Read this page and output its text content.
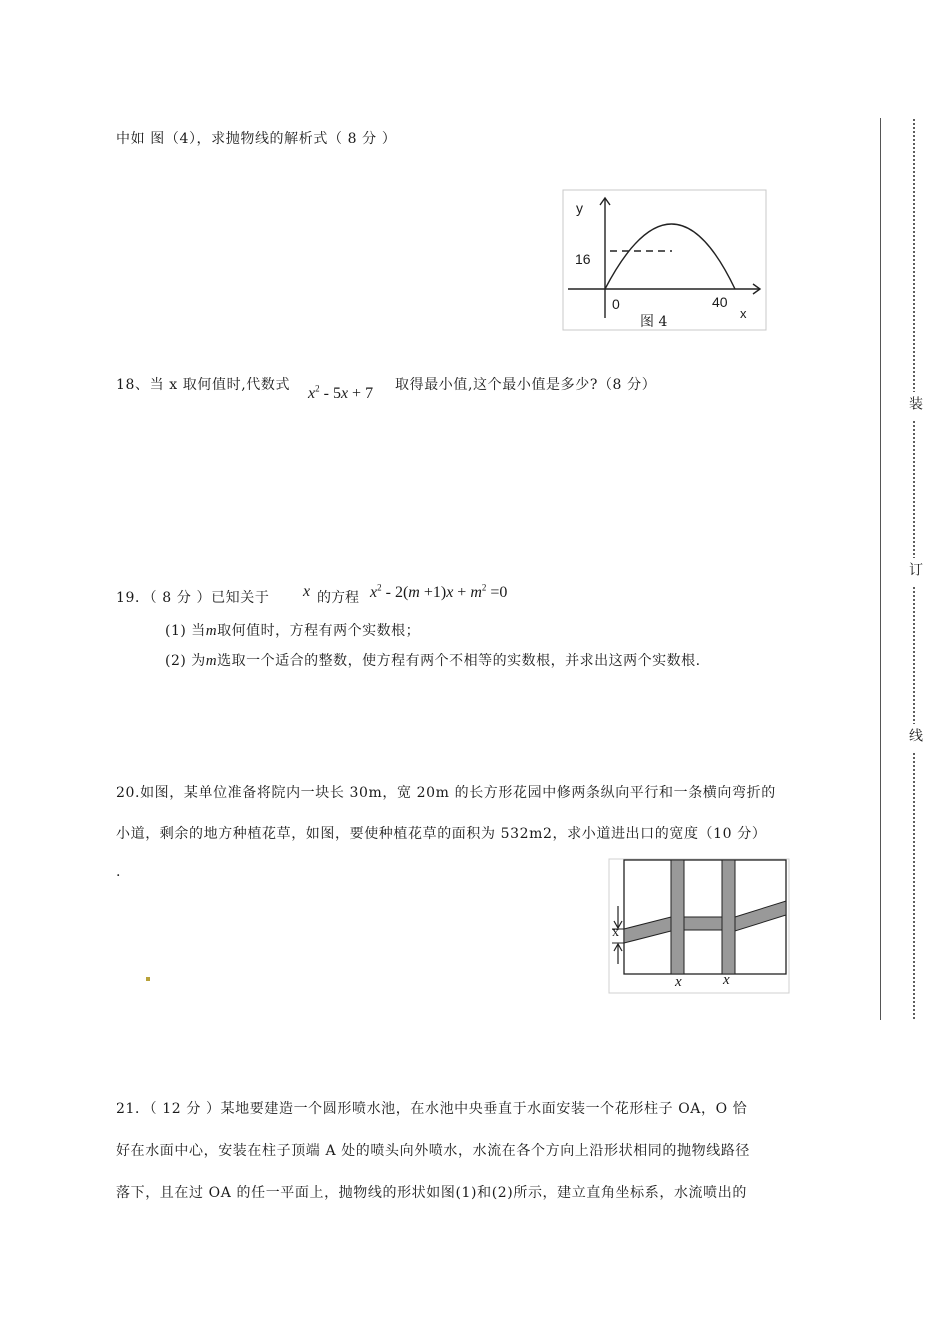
中如 图（4），求抛物线的解析式（ 8 分 ）
y
16
0	40
x
图 4
18、当 x 取何值时,代数式 $x^2 - 5x + 7$ 取得最小值,这个最小值是多少?（8 分）
19．（ 8 分 ）已知关于 x 的方程 $x^2 - 2(m +1)x + m^2 =0$
(1) 当m取何值时，方程有两个实数根；
(2) 为m选取一个适合的整数，使方程有两个不相等的实数根，并求出这两个实数根.
20.如图，某单位准备将院内一块长 30m，宽 20m 的长方形花园中修两条纵向平行和一条横向弯折的
小道，剩余的地方种植花草，如图，要使种植花草的面积为 532m2，求小道进出口的宽度（10 分）
.
x
x	x
21．（ 12 分 ）某地要建造一个圆形喷水池，在水池中央垂直于水面安装一个花形柱子 OA，O 恰
好在水面中心，安装在柱子顶端 A 处的喷头向外喷水，水流在各个方向上沿形状相同的抛物线路径
落下，且在过 OA 的任一平面上，抛物线的形状如图(1)和(2)所示，建立直角坐标系，水流喷出的
装
订
线
